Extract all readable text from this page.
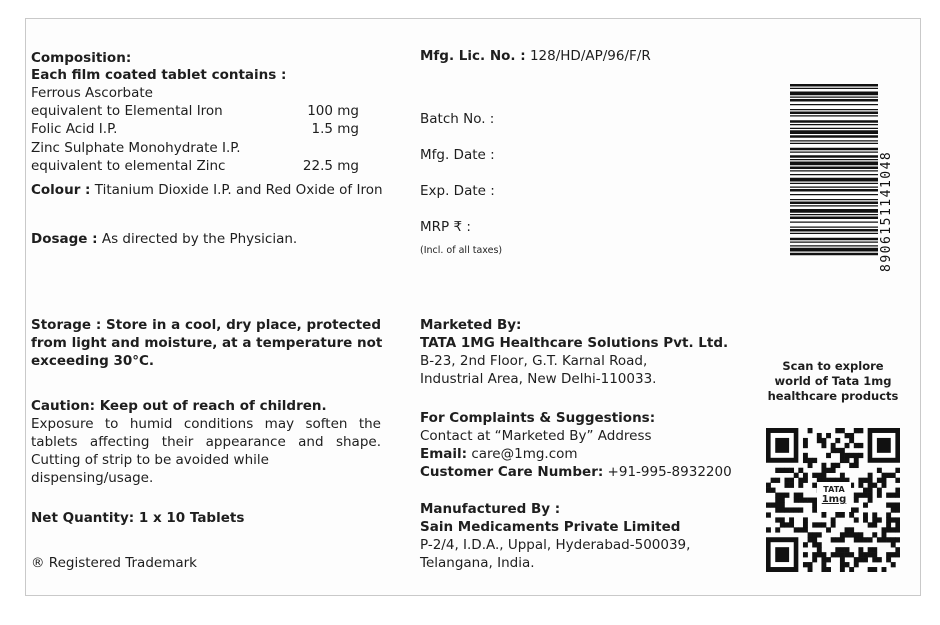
Composition:
Each film coated tablet contains :
Ferrous Ascorbate
equivalent to Elemental Iron	100 mg
Folic Acid I.P.	1.5 mg
Zinc Sulphate Monohydrate I.P.
equivalent to elemental Zinc	22.5 mg
Colour : Titanium Dioxide I.P. and Red Oxide of Iron
Dosage : As directed by the Physician.
Storage : Store in a cool, dry place, protected
from light and moisture, at a temperature not
exceeding 30°C.
Caution: Keep out of reach of children.
Exposure to humid conditions may soften the
tablets affecting their appearance and shape.
Cutting of strip to be avoided while
dispensing/usage.
Net Quantity: 1 x 10 Tablets
® Registered Trademark
Mfg. Lic. No. : 128/HD/AP/96/F/R
Batch No. :
Mfg. Date :
Exp. Date :
MRP ₹ :
(Incl. of all taxes)
Marketed By:
TATA 1MG Healthcare Solutions Pvt. Ltd.
B-23, 2nd Floor, G.T. Karnal Road,
Industrial Area, New Delhi-110033.
For Complaints & Suggestions:
Contact at “Marketed By” Address
Email: care@1mg.com
Customer Care Number: +91-995-8932200
Manufactured By :
Sain Medicaments Private Limited
P-2/4, I.D.A., Uppal, Hyderabad-500039,
Telangana, India.
8906151141048
Scan to explore
world of Tata 1mg
healthcare products
TATA
1mg
